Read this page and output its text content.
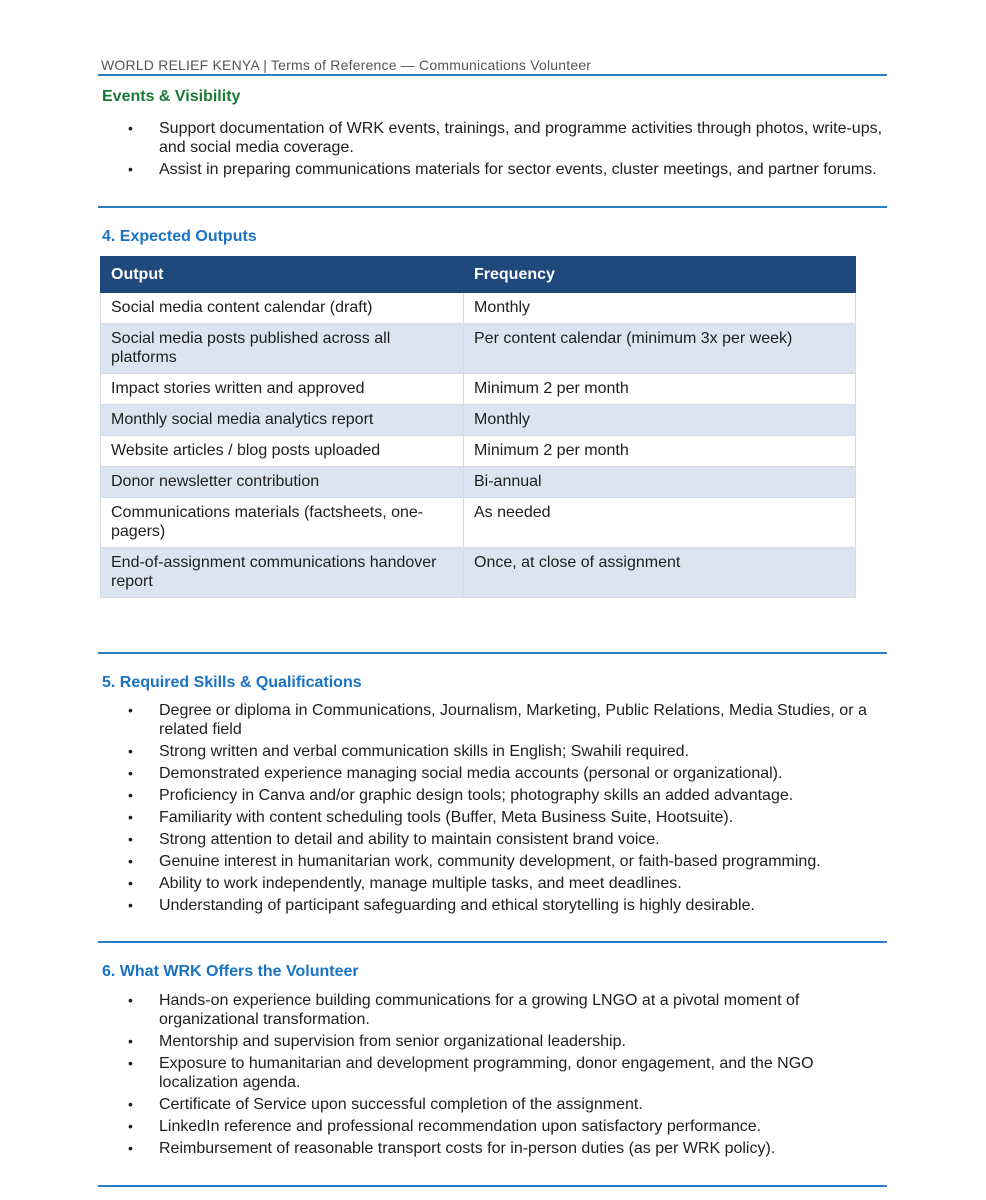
WORLD RELIEF KENYA | Terms of Reference — Communications Volunteer
Events & Visibility
• Support documentation of WRK events, trainings, and programme activities through photos, write-ups, and social media coverage.
• Assist in preparing communications materials for sector events, cluster meetings, and partner forums.
4. Expected Outputs
Output	Frequency
Social media content calendar (draft)	Monthly
Social media posts published across all platforms	Per content calendar (minimum 3x per week)
Impact stories written and approved	Minimum 2 per month
Monthly social media analytics report	Monthly
Website articles / blog posts uploaded	Minimum 2 per month
Donor newsletter contribution	Bi-annual
Communications materials (factsheets, one-pagers)	As needed
End-of-assignment communications handover report	Once, at close of assignment
5. Required Skills & Qualifications
• Degree or diploma in Communications, Journalism, Marketing, Public Relations, Media Studies, or a related field
• Strong written and verbal communication skills in English; Swahili required.
• Demonstrated experience managing social media accounts (personal or organizational).
• Proficiency in Canva and/or graphic design tools; photography skills an added advantage.
• Familiarity with content scheduling tools (Buffer, Meta Business Suite, Hootsuite).
• Strong attention to detail and ability to maintain consistent brand voice.
• Genuine interest in humanitarian work, community development, or faith-based programming.
• Ability to work independently, manage multiple tasks, and meet deadlines.
• Understanding of participant safeguarding and ethical storytelling is highly desirable.
6. What WRK Offers the Volunteer
• Hands-on experience building communications for a growing LNGO at a pivotal moment of organizational transformation.
• Mentorship and supervision from senior organizational leadership.
• Exposure to humanitarian and development programming, donor engagement, and the NGO localization agenda.
• Certificate of Service upon successful completion of the assignment.
• LinkedIn reference and professional recommendation upon satisfactory performance.
• Reimbursement of reasonable transport costs for in-person duties (as per WRK policy).
